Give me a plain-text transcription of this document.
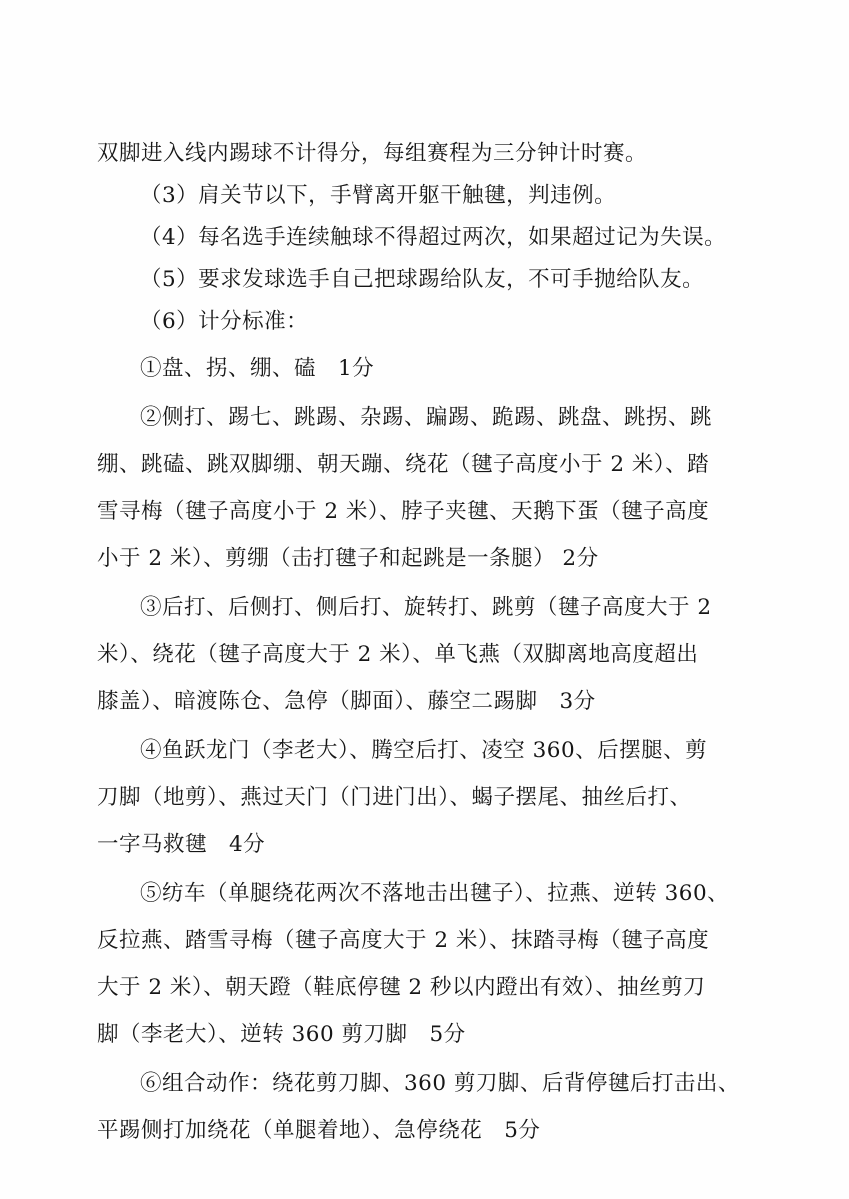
双脚进入线内踢球不计得分，每组赛程为三分钟计时赛。
（3）肩关节以下，手臂离开躯干触毽，判违例。
（4）每名选手连续触球不得超过两次，如果超过记为失误。
（5）要求发球选手自己把球踢给队友，不可手抛给队友。
（6）计分标准：
①盘、拐、绷、磕　1分
②侧打、踢七、跳踢、杂踢、蹁踢、跪踢、跳盘、跳拐、跳
绷、跳磕、跳双脚绷、朝天蹦、绕花（毽子高度小于 2 米）、踏
雪寻梅（毽子高度小于 2 米）、脖子夹毽、天鹅下蛋（毽子高度
小于 2 米）、剪绷（击打毽子和起跳是一条腿） 2分
③后打、后侧打、侧后打、旋转打、跳剪（毽子高度大于 2
米）、绕花（毽子高度大于 2 米）、单飞燕（双脚离地高度超出
膝盖）、暗渡陈仓、急停（脚面）、藤空二踢脚　3分
④鱼跃龙门（李老大）、腾空后打、凌空 360、后摆腿、剪
刀脚（地剪）、燕过天门（门进门出）、蝎子摆尾、抽丝后打、
一字马救毽　4分
⑤纺车（单腿绕花两次不落地击出毽子）、拉燕、逆转 360、
反拉燕、踏雪寻梅（毽子高度大于 2 米）、抹踏寻梅（毽子高度
大于 2 米）、朝天蹬（鞋底停毽 2 秒以内蹬出有效）、抽丝剪刀
脚（李老大）、逆转 360 剪刀脚　5分
⑥组合动作：绕花剪刀脚、360 剪刀脚、后背停毽后打击出、
平踢侧打加绕花（单腿着地）、急停绕花　5分
